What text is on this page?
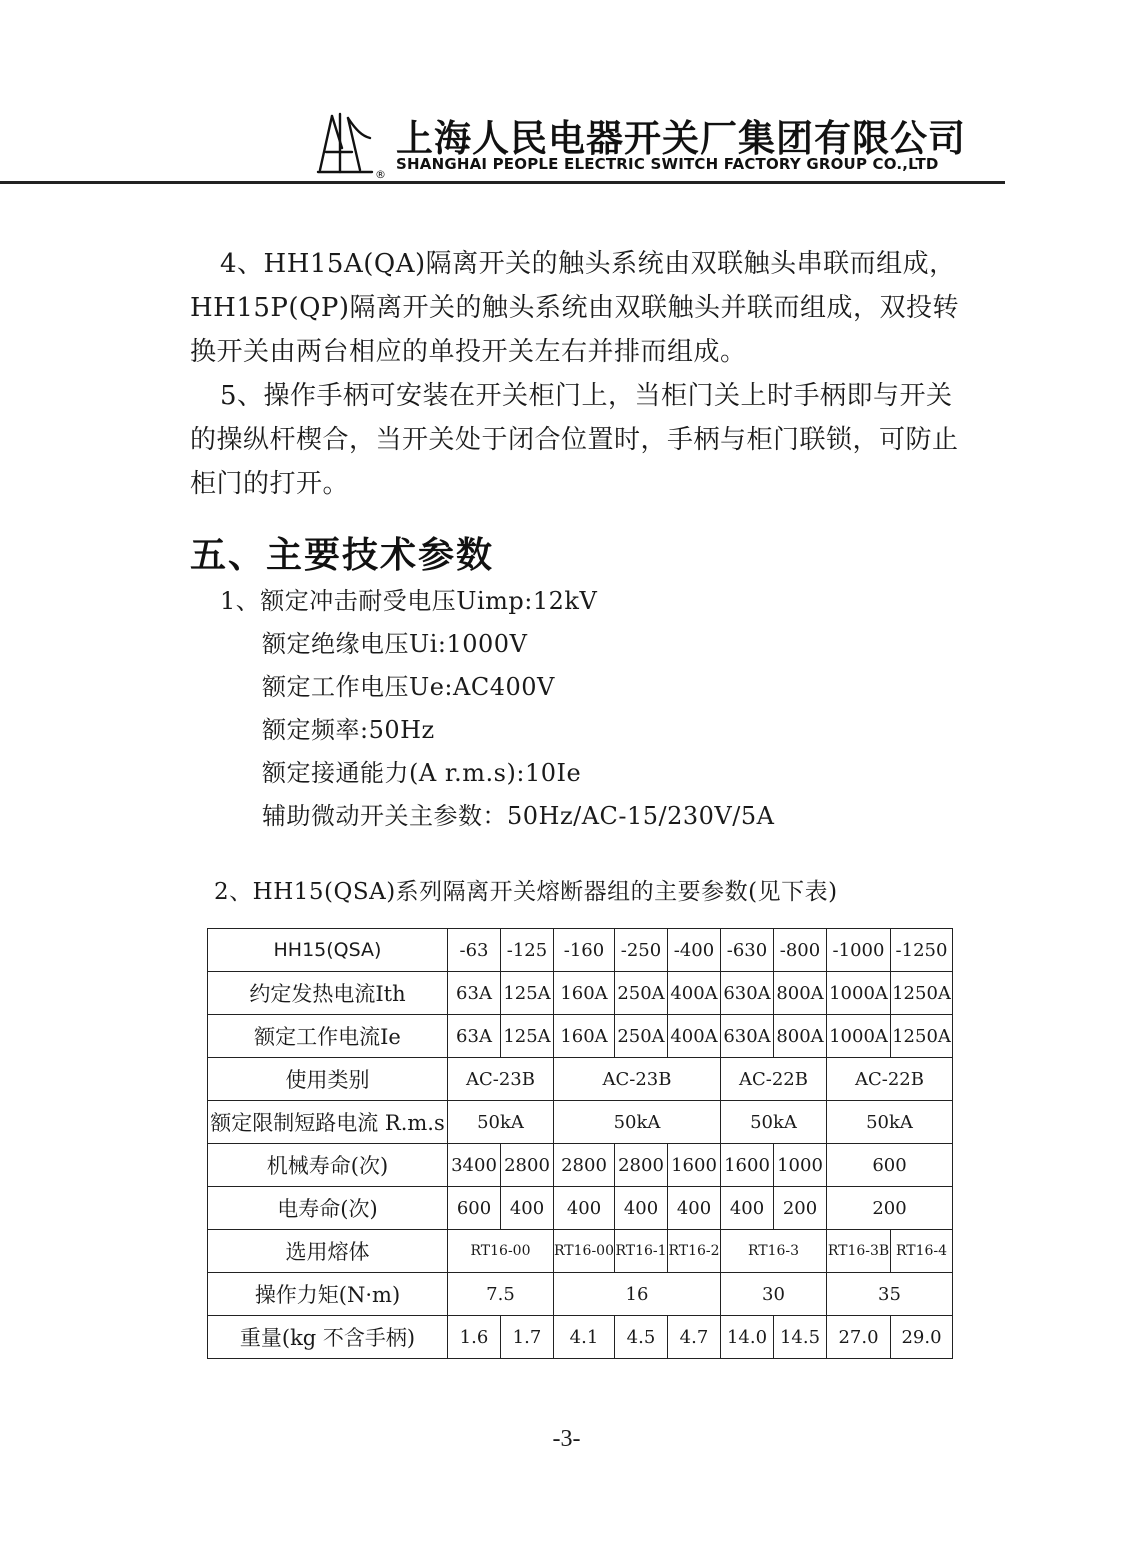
®
上海人民电器开关厂集团有限公司
SHANGHAI PEOPLE ELECTRIC SWITCH FACTORY GROUP CO.,LTD

4、HH15A(QA)隔离开关的触头系统由双联触头串联而组成，HH15P(QP)隔离开关的触头系统由双联触头并联而组成，双投转换开关由两台相应的单投开关左右并排而组成。

5、操作手柄可安装在开关柜门上，当柜门关上时手柄即与开关的操纵杆楔合，当开关处于闭合位置时，手柄与柜门联锁，可防止柜门的打开。

五、主要技术参数
1、额定冲击耐受电压Uimp:12kV
额定绝缘电压Ui:1000V
额定工作电压Ue:AC400V
额定频率:50Hz
额定接通能力(A r.m.s):10Ie
辅助微动开关主参数：50Hz/AC-15/230V/5A
2、HH15(QSA)系列隔离开关熔断器组的主要参数(见下表)
HH15(QSA)	-63	-125	-160	-250	-400	-630	-800	-1000	-1250
约定发热电流Ith	63A	125A	160A	250A	400A	630A	800A	1000A	1250A
额定工作电流Ie	63A	125A	160A	250A	400A	630A	800A	1000A	1250A
使用类别	AC-23B		AC-23B			AC-22B		AC-22B	
额定限制短路电流 R.m.s	50kA		50kA			50kA		50kA	
机械寿命(次)	3400	2800	2800	2800	1600	1600	1000	600	
电寿命(次)	600	400	400	400	400	400	200	200	
选用熔体	RT16-00		RT16-00	RT16-1	RT16-2	RT16-3		RT16-3B	RT16-4
操作力矩(N·m)	7.5		16			30		35	
重量(kg 不含手柄)	1.6	1.7	4.1	4.5	4.7	14.0	14.5	27.0	29.0
-3-
